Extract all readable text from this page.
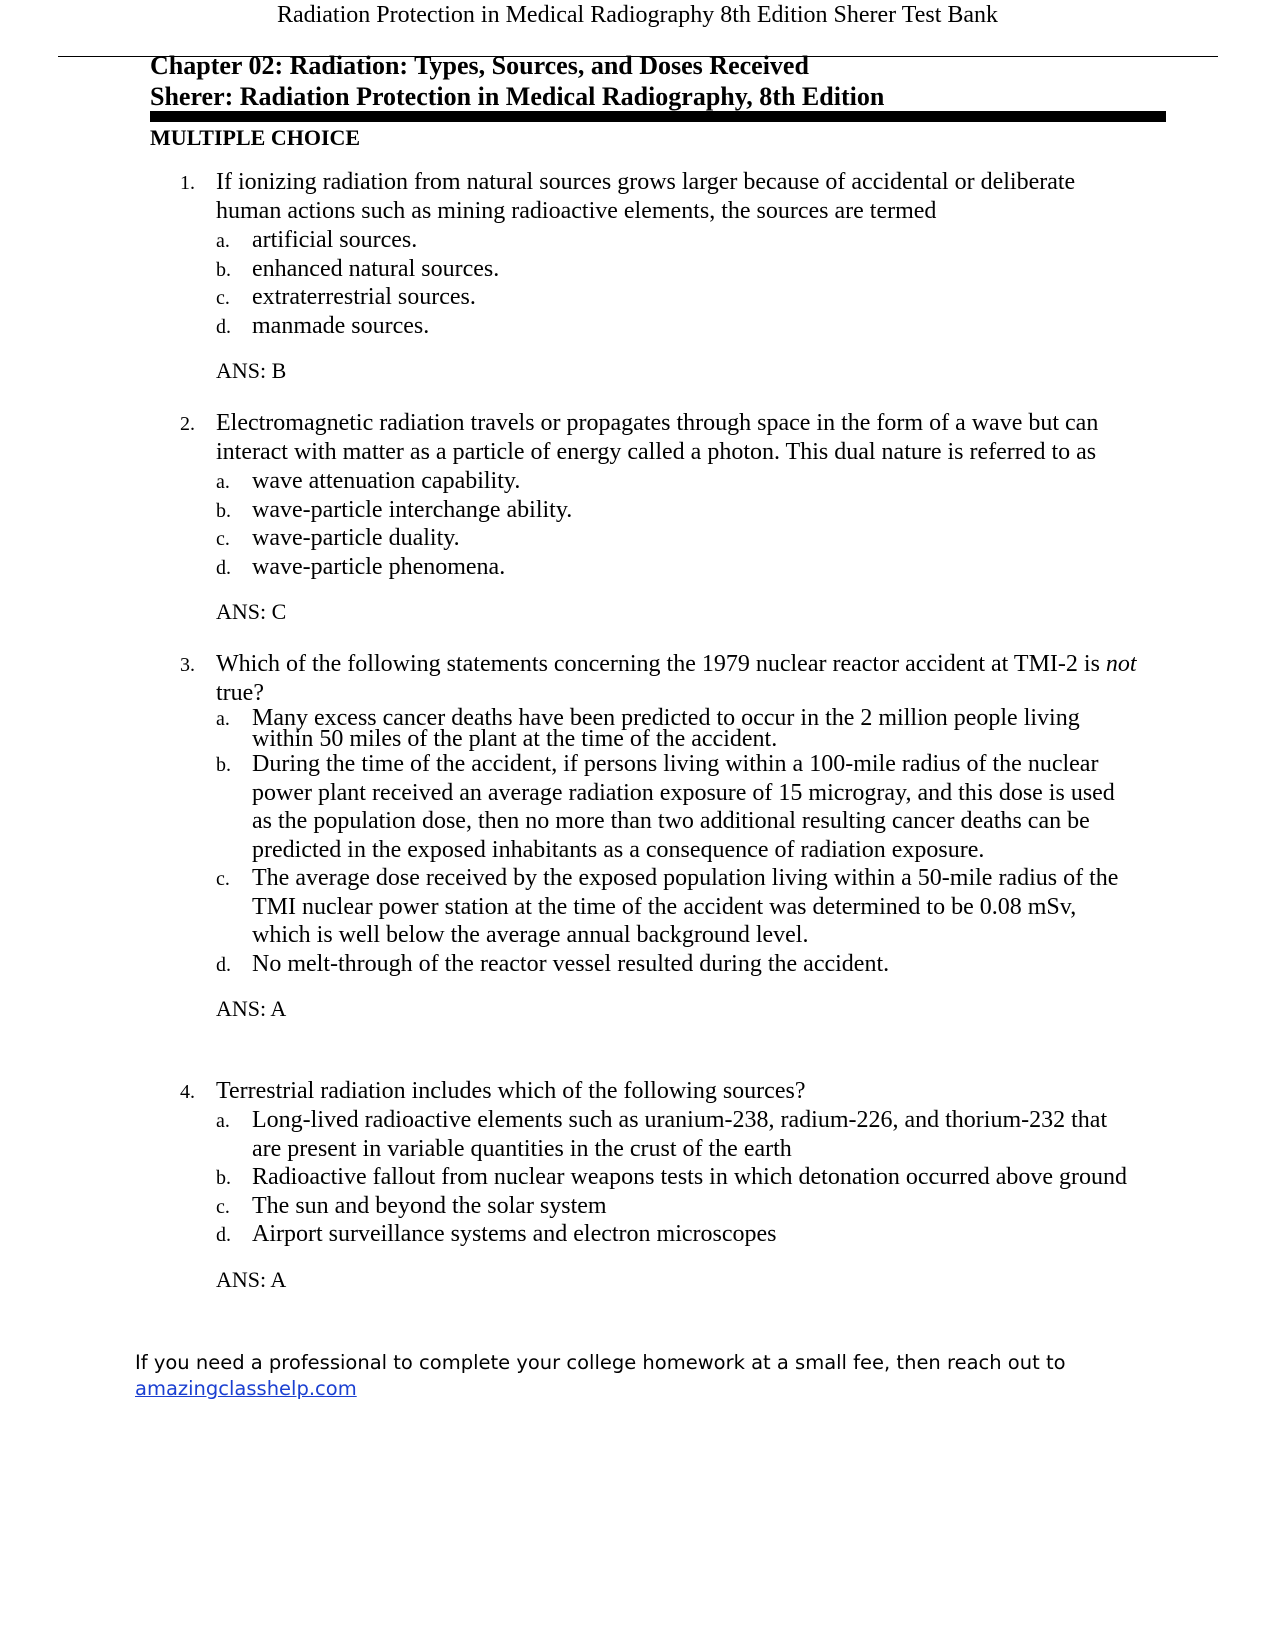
Radiation Protection in Medical Radiography 8th Edition Sherer Test Bank
Chapter 02: Radiation: Types, Sources, and Doses Received
Sherer: Radiation Protection in Medical Radiography, 8th Edition
MULTIPLE CHOICE
1. If ionizing radiation from natural sources grows larger because of accidental or deliberate human actions such as mining radioactive elements, the sources are termed
a. artificial sources.
b. enhanced natural sources.
c. extraterrestrial sources.
d. manmade sources.
ANS: B
2. Electromagnetic radiation travels or propagates through space in the form of a wave but can interact with matter as a particle of energy called a photon. This dual nature is referred to as
a. wave attenuation capability.
b. wave-particle interchange ability.
c. wave-particle duality.
d. wave-particle phenomena.
ANS: C
3. Which of the following statements concerning the 1979 nuclear reactor accident at TMI-2 is not true?
a. Many excess cancer deaths have been predicted to occur in the 2 million people living within 50 miles of the plant at the time of the accident.
b. During the time of the accident, if persons living within a 100-mile radius of the nuclear power plant received an average radiation exposure of 15 microgray, and this dose is used as the population dose, then no more than two additional resulting cancer deaths can be predicted in the exposed inhabitants as a consequence of radiation exposure.
c. The average dose received by the exposed population living within a 50-mile radius of the TMI nuclear power station at the time of the accident was determined to be 0.08 mSv, which is well below the average annual background level.
d. No melt-through of the reactor vessel resulted during the accident.
ANS: A
4. Terrestrial radiation includes which of the following sources?
a. Long-lived radioactive elements such as uranium-238, radium-226, and thorium-232 that are present in variable quantities in the crust of the earth
b. Radioactive fallout from nuclear weapons tests in which detonation occurred above ground
c. The sun and beyond the solar system
d. Airport surveillance systems and electron microscopes
ANS: A
If you need a professional to complete your college homework at a small fee, then reach out to
amazingclasshelp.com
